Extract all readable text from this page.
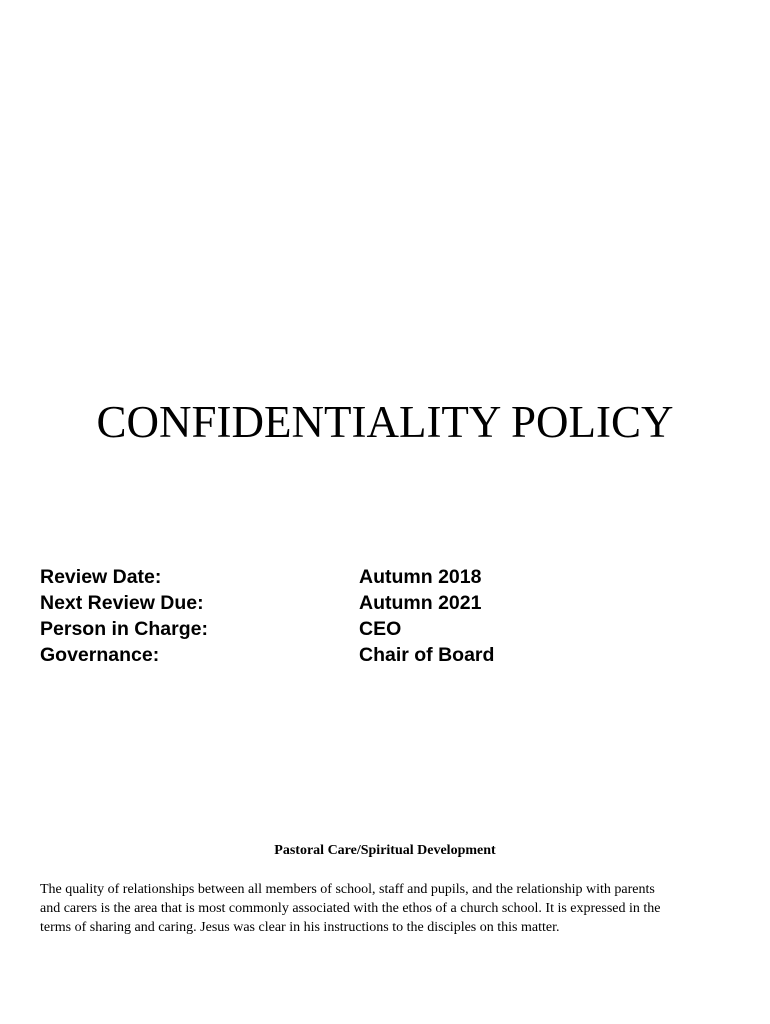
CONFIDENTIALITY POLICY
Review Date:	Autumn 2018
Next Review Due:	Autumn 2021
Person in Charge:	CEO
Governance:	Chair of Board
Pastoral Care/Spiritual Development

The quality of relationships between all members of school, staff and pupils, and the relationship with parents
and carers is the area that is most commonly associated with the ethos of a church school. It is expressed in the
terms of sharing and caring. Jesus was clear in his instructions to the disciples on this matter.
